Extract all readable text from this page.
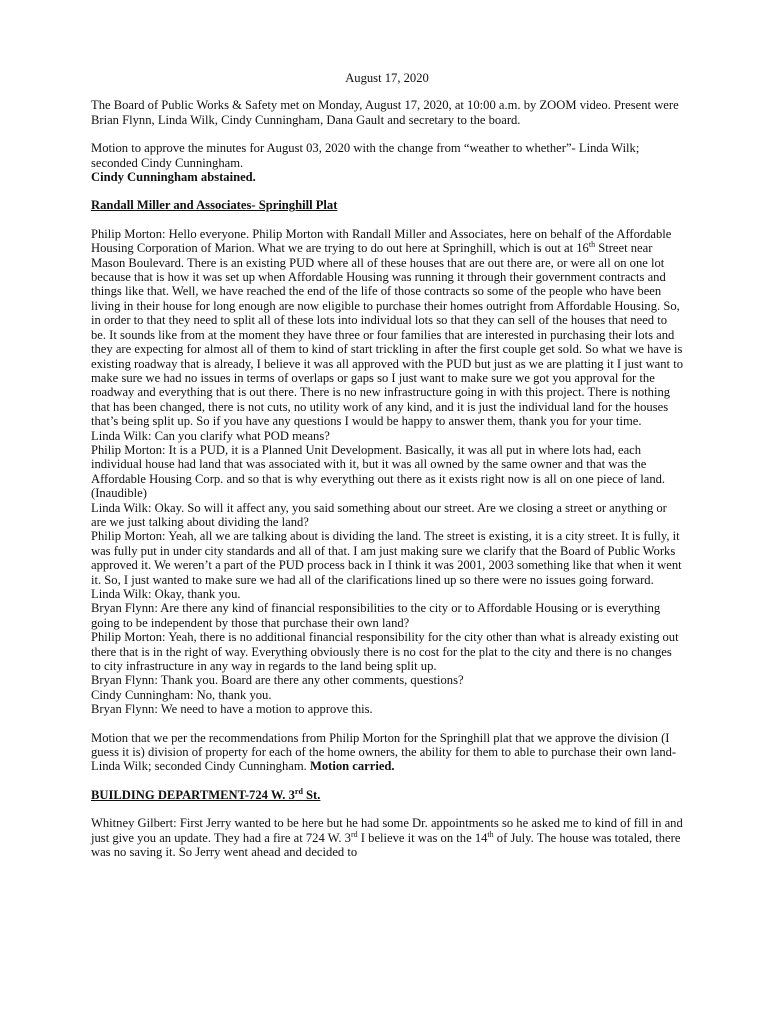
August 17, 2020

The Board of Public Works & Safety met on Monday, August 17, 2020, at 10:00 a.m. by ZOOM video. Present were Brian Flynn, Linda Wilk, Cindy Cunningham, Dana Gault and secretary to the board.

Motion to approve the minutes for August 03, 2020 with the change from “weather to whether”- Linda Wilk; seconded Cindy Cunningham.

Cindy Cunningham abstained.

Randall Miller and Associates- Springhill Plat

Philip Morton: Hello everyone. Philip Morton with Randall Miller and Associates, here on behalf of the Affordable Housing Corporation of Marion. What we are trying to do out here at Springhill, which is out at 16th Street near Mason Boulevard. There is an existing PUD where all of these houses that are out there are, or were all on one lot because that is how it was set up when Affordable Housing was running it through their government contracts and things like that. Well, we have reached the end of the life of those contracts so some of the people who have been living in their house for long enough are now eligible to purchase their homes outright from Affordable Housing. So, in order to that they need to split all of these lots into individual lots so that they can sell of the houses that need to be. It sounds like from at the moment they have three or four families that are interested in purchasing their lots and they are expecting for almost all of them to kind of start trickling in after the first couple get sold. So what we have is existing roadway that is already, I believe it was all approved with the PUD but just as we are platting it I just want to make sure we had no issues in terms of overlaps or gaps so I just want to make sure we got you approval for the roadway and everything that is out there. There is no new infrastructure going in with this project. There is nothing that has been changed, there is not cuts, no utility work of any kind, and it is just the individual land for the houses that’s being split up. So if you have any questions I would be happy to answer them, thank you for your time.

Linda Wilk: Can you clarify what POD means?

Philip Morton: It is a PUD, it is a Planned Unit Development. Basically, it was all put in where lots had, each individual house had land that was associated with it, but it was all owned by the same owner and that was the Affordable Housing Corp. and so that is why everything out there as it exists right now is all on one piece of land. (Inaudible)

Linda Wilk: Okay. So will it affect any, you said something about our street. Are we closing a street or anything or are we just talking about dividing the land?

Philip Morton: Yeah, all we are talking about is dividing the land. The street is existing, it is a city street. It is fully, it was fully put in under city standards and all of that. I am just making sure we clarify that the Board of Public Works approved it. We weren’t a part of the PUD process back in I think it was 2001, 2003 something like that when it went it. So, I just wanted to make sure we had all of the clarifications lined up so there were no issues going forward.

Linda Wilk: Okay, thank you.

Bryan Flynn: Are there any kind of financial responsibilities to the city or to Affordable Housing or is everything going to be independent by those that purchase their own land?

Philip Morton: Yeah, there is no additional financial responsibility for the city other than what is already existing out there that is in the right of way. Everything obviously there is no cost for the plat to the city and there is no changes to city infrastructure in any way in regards to the land being split up.

Bryan Flynn: Thank you. Board are there any other comments, questions?

Cindy Cunningham: No, thank you.

Bryan Flynn: We need to have a motion to approve this.

Motion that we per the recommendations from Philip Morton for the Springhill plat that we approve the division (I guess it is) division of property for each of the home owners, the ability for them to able to purchase their own land- Linda Wilk; seconded Cindy Cunningham. Motion carried.

BUILDING DEPARTMENT-724 W. 3rd St.

Whitney Gilbert: First Jerry wanted to be here but he had some Dr. appointments so he asked me to kind of fill in and just give you an update. They had a fire at 724 W. 3rd I believe it was on the 14th of July. The house was totaled, there was no saving it. So Jerry went ahead and decided to
